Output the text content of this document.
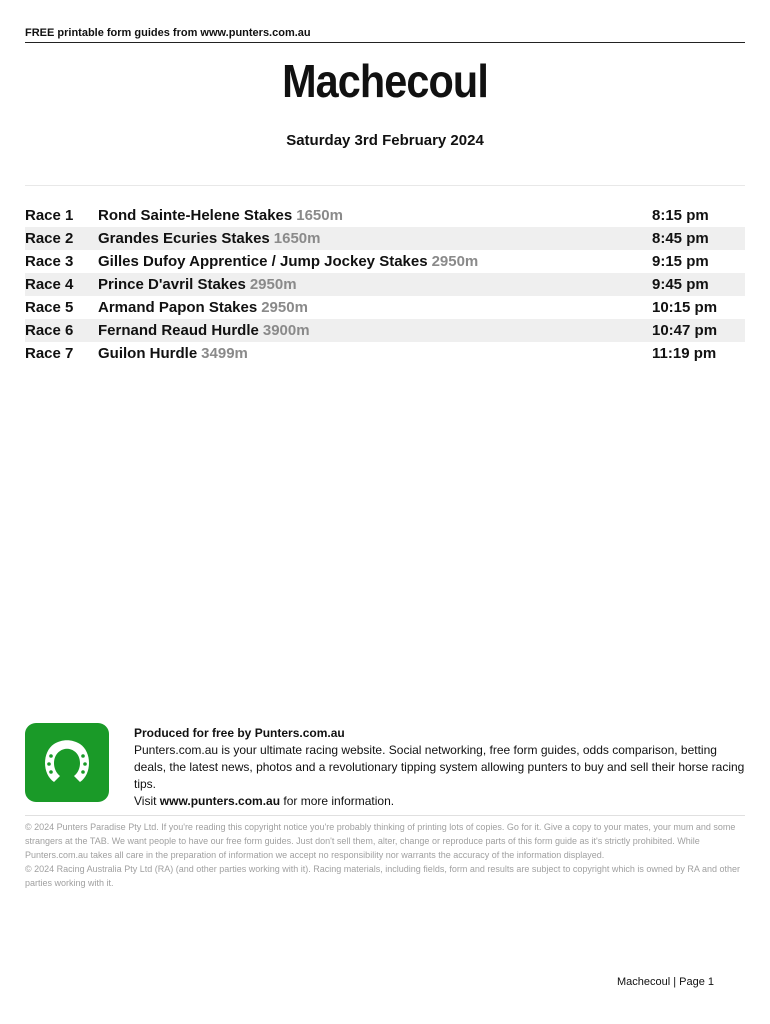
FREE printable form guides from www.punters.com.au
Machecoul
Saturday 3rd February 2024
Race 1	Rond Sainte-Helene Stakes 1650m	8:15 pm
Race 2	Grandes Ecuries Stakes 1650m	8:45 pm
Race 3	Gilles Dufoy Apprentice / Jump Jockey Stakes 2950m	9:15 pm
Race 4	Prince D'avril Stakes 2950m	9:45 pm
Race 5	Armand Papon Stakes 2950m	10:15 pm
Race 6	Fernand Reaud Hurdle 3900m	10:47 pm
Race 7	Guilon Hurdle 3499m	11:19 pm
Produced for free by Punters.com.au
Punters.com.au is your ultimate racing website. Social networking, free form guides, odds comparison, betting deals, the latest news, photos and a revolutionary tipping system allowing punters to buy and sell their horse racing tips.
Visit www.punters.com.au for more information.
© 2024 Punters Paradise Pty Ltd. If you're reading this copyright notice you're probably thinking of printing lots of copies. Go for it. Give a copy to your mates, your mum and some strangers at the TAB. We want people to have our free form guides. Just don't sell them, alter, change or reproduce parts of this form guide as it's strictly prohibited. While Punters.com.au takes all care in the preparation of information we accept no responsibility nor warrants the accuracy of the information displayed.
© 2024 Racing Australia Pty Ltd (RA) (and other parties working with it). Racing materials, including fields, form and results are subject to copyright which is owned by RA and other parties working with it.
Machecoul | Page 1
